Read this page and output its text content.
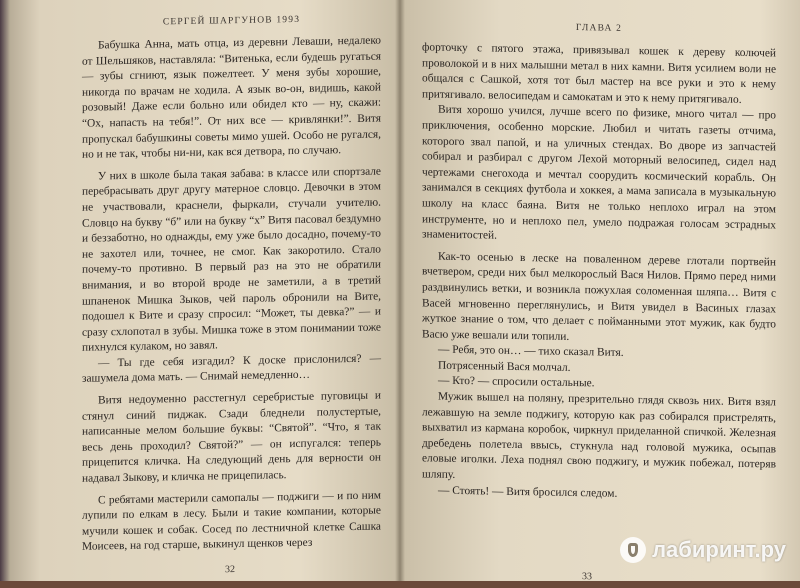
СЕРГЕЙ ШАРГУНОВ 1993

Бабушка Анна, мать отца, из деревни Леваши, недалеко от Шельшяков, наставляла: “Витенька, если будешь ругаться — зубы сгниют, язык пожелтеет. У меня зубы хорошие, никогда по врачам не ходила. А язык во-он, видишь, какой розовый! Даже если больно или обидел кто — ну, скажи: “Ох, напасть на тебя!”. От них все — кривлянки!”. Витя пропускал бабушкины советы мимо ушей. Особо не ругался, но и не так, чтобы ни-ни, как вся детвора, по случаю.

У них в школе была такая забава: в классе или спортзале перебрасывать друг другу матерное словцо. Девочки в этом не участвовали, краснели, фыркали, стучали учителю. Словцо на букву “б” или на букву “х” Витя пасовал бездумно и беззаботно, но однажды, ему уже было досадно, почему-то не захотел или, точнее, не смог. Как закоротило. Стало почему-то противно. В первый раз на это не обратили внимания, и во второй вроде не заметили, а в третий шпаненок Мишка Зыков, чей пароль обронили на Вите, подошел к Вите и сразу спросил: “Может, ты девка?” — и сразу схлопотал в зубы. Мишка тоже в этом понимании тоже пихнулся кулаком, но завял.

— Ты где себя изгадил? К доске прислонился? — зашумела дома мать. — Снимай немедленно…

Витя недоуменно расстегнул серебристые пуговицы и стянул синий пиджак. Сзади бледнели полустертые, написанные мелом большие буквы: “Святой”. “Что, я так весь день проходил? Святой?” — он испугался: теперь прицепится кличка. На следующий день для верности он надавал Зыкову, и кличка не прицепилась.

С ребятами мастерили самопалы — поджиги — и по ним лупили по елкам в лесу. Были и такие компании, которые мучили кошек и собак. Сосед по лестничной клетке Сашка Моисеев, на год старше, выкинул щенков через

32
ГЛАВА 2

форточку с пятого этажа, привязывал кошек к дереву колючей проволокой и в них малышни метал в них камни. Витя усилием воли не общался с Сашкой, хотя тот был мастер на все руки и это к нему притягивало. велосипедам и самокатам и это к нему притягивало.

Витя хорошо учился, лучше всего по физике, много читал — про приключения, особенно морские. Любил и читать газеты отчима, которого звал папой, и на уличных стендах. Во дворе из запчастей собирал и разбирал с другом Лехой моторный велосипед, сидел над чертежами снегохода и мечтал соорудить космический корабль. Он занимался в секциях футбола и хоккея, а мама записала в музыкальную школу на класс баяна. Витя не только неплохо играл на этом инструменте, но и неплохо пел, умело подражая голосам эстрадных знаменитостей.

Как-то осенью в леске на поваленном дереве глотали портвейн вчетвером, среди них был мелкорослый Вася Нилов. Прямо перед ними раздвинулись ветки, и возникла пожухлая соломенная шляпа… Витя с Васей мгновенно переглянулись, и Витя увидел в Васиных глазах жуткое знание о том, что делает с пойманными этот мужик, как будто Васю уже вешали или топили.

— Ребя, это он… — тихо сказал Витя.

Потрясенный Вася молчал.

— Кто? — спросили остальные.

Мужик вышел на поляну, презрительно глядя сквозь них. Витя взял лежавшую на земле поджигу, которую как раз собирался пристрелять, выхватил из кармана коробок, чиркнул приделанной спичкой. Железная дребедень полетела ввысь, стукнула над головой мужика, осыпав еловые иголки. Леха поднял свою поджигу, и мужик побежал, потеряв шляпу.

— Стоять! — Витя бросился следом.

33
лабиринт.ру
